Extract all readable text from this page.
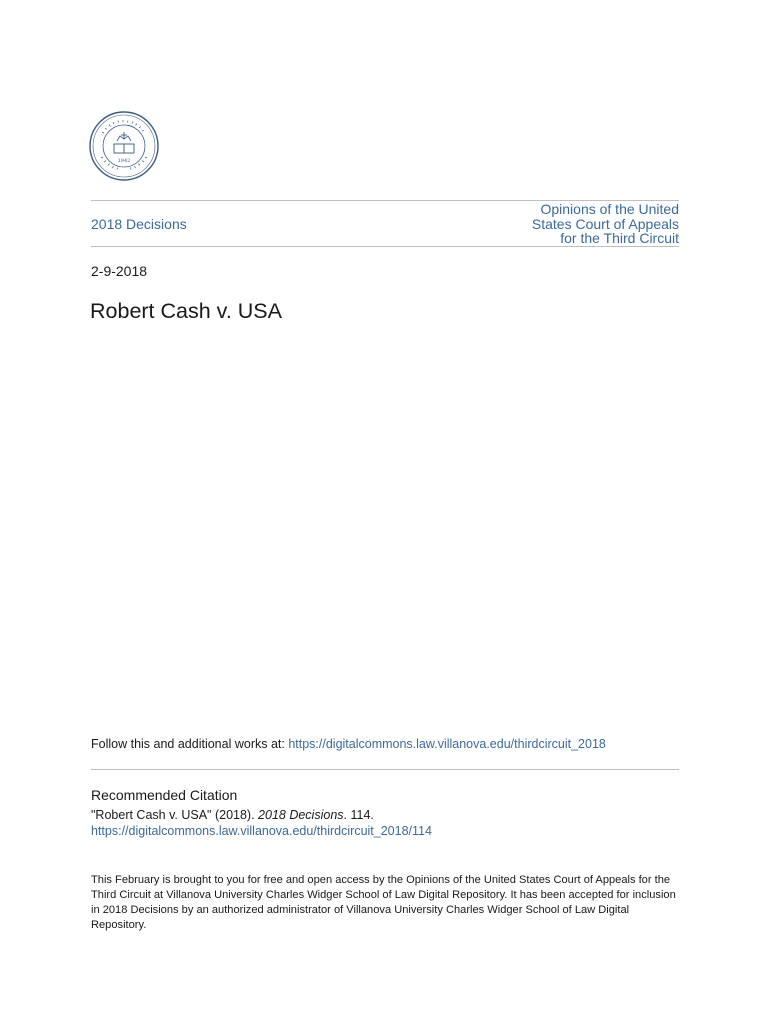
1842
2018 Decisions
Opinions of the United
States Court of Appeals
for the Third Circuit
2-9-2018
Robert Cash v. USA
Follow this and additional works at: https://digitalcommons.law.villanova.edu/thirdcircuit_2018
Recommended Citation
"Robert Cash v. USA" (2018). 2018 Decisions. 114.
https://digitalcommons.law.villanova.edu/thirdcircuit_2018/114
This February is brought to you for free and open access by the Opinions of the United States Court of Appeals for the Third Circuit at Villanova University Charles Widger School of Law Digital Repository. It has been accepted for inclusion in 2018 Decisions by an authorized administrator of Villanova University Charles Widger School of Law Digital Repository.
